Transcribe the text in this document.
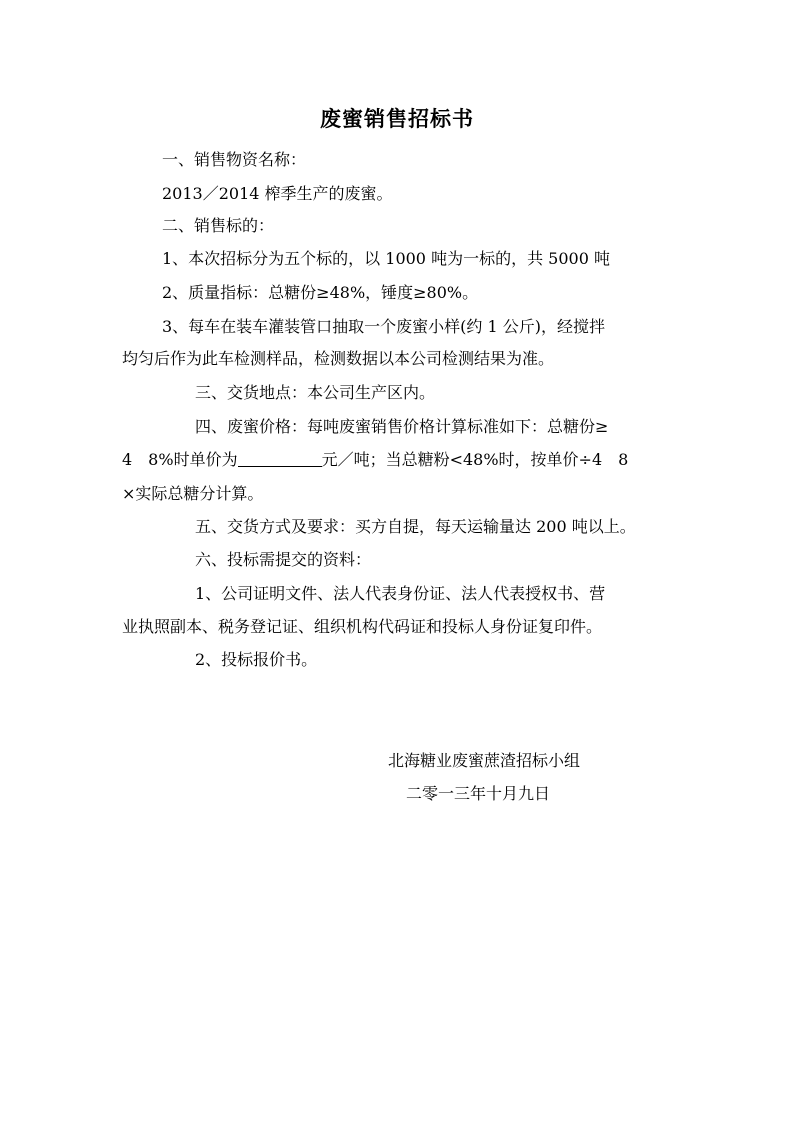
废蜜销售招标书
一、销售物资名称：
2013／2014 榨季生产的废蜜。
二、销售标的：
1、本次招标分为五个标的，以 1000 吨为一标的，共 5000 吨
2、质量指标：总糖份≥48%，锤度≥80%。
3、每车在装车灌装管口抽取一个废蜜小样(约 1 公斤)，经搅拌
均匀后作为此车检测样品，检测数据以本公司检测结果为准。
三、交货地点：本公司生产区内。
四、废蜜价格：每吨废蜜销售价格计算标准如下：总糖份≥
4　8%时单价为	元／吨；当总糖粉<48%时，按单价÷4　8
×实际总糖分计算。
五、交货方式及要求：买方自提，每天运输量达 200 吨以上。
六、投标需提交的资料：
1、公司证明文件、法人代表身份证、法人代表授权书、营
业执照副本、税务登记证、组织机构代码证和投标人身份证复印件。
2、投标报价书。
北海糖业废蜜蔗渣招标小组
二零一三年十月九日
